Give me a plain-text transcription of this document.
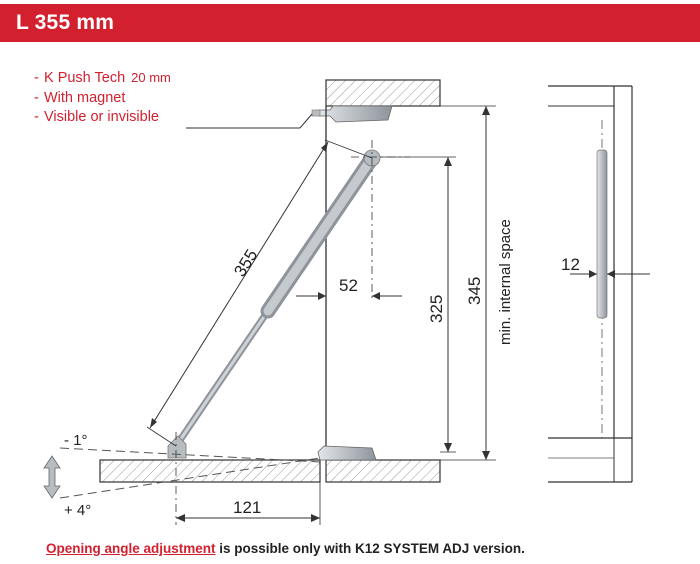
L 355 mm
- K Push Tech 20 mm
- With magnet
- Visible or invisible
355
52
325
345 min. internal space
121
- 1°
+ 4°
12
Opening angle adjustment is possible only with K12 SYSTEM ADJ version.
